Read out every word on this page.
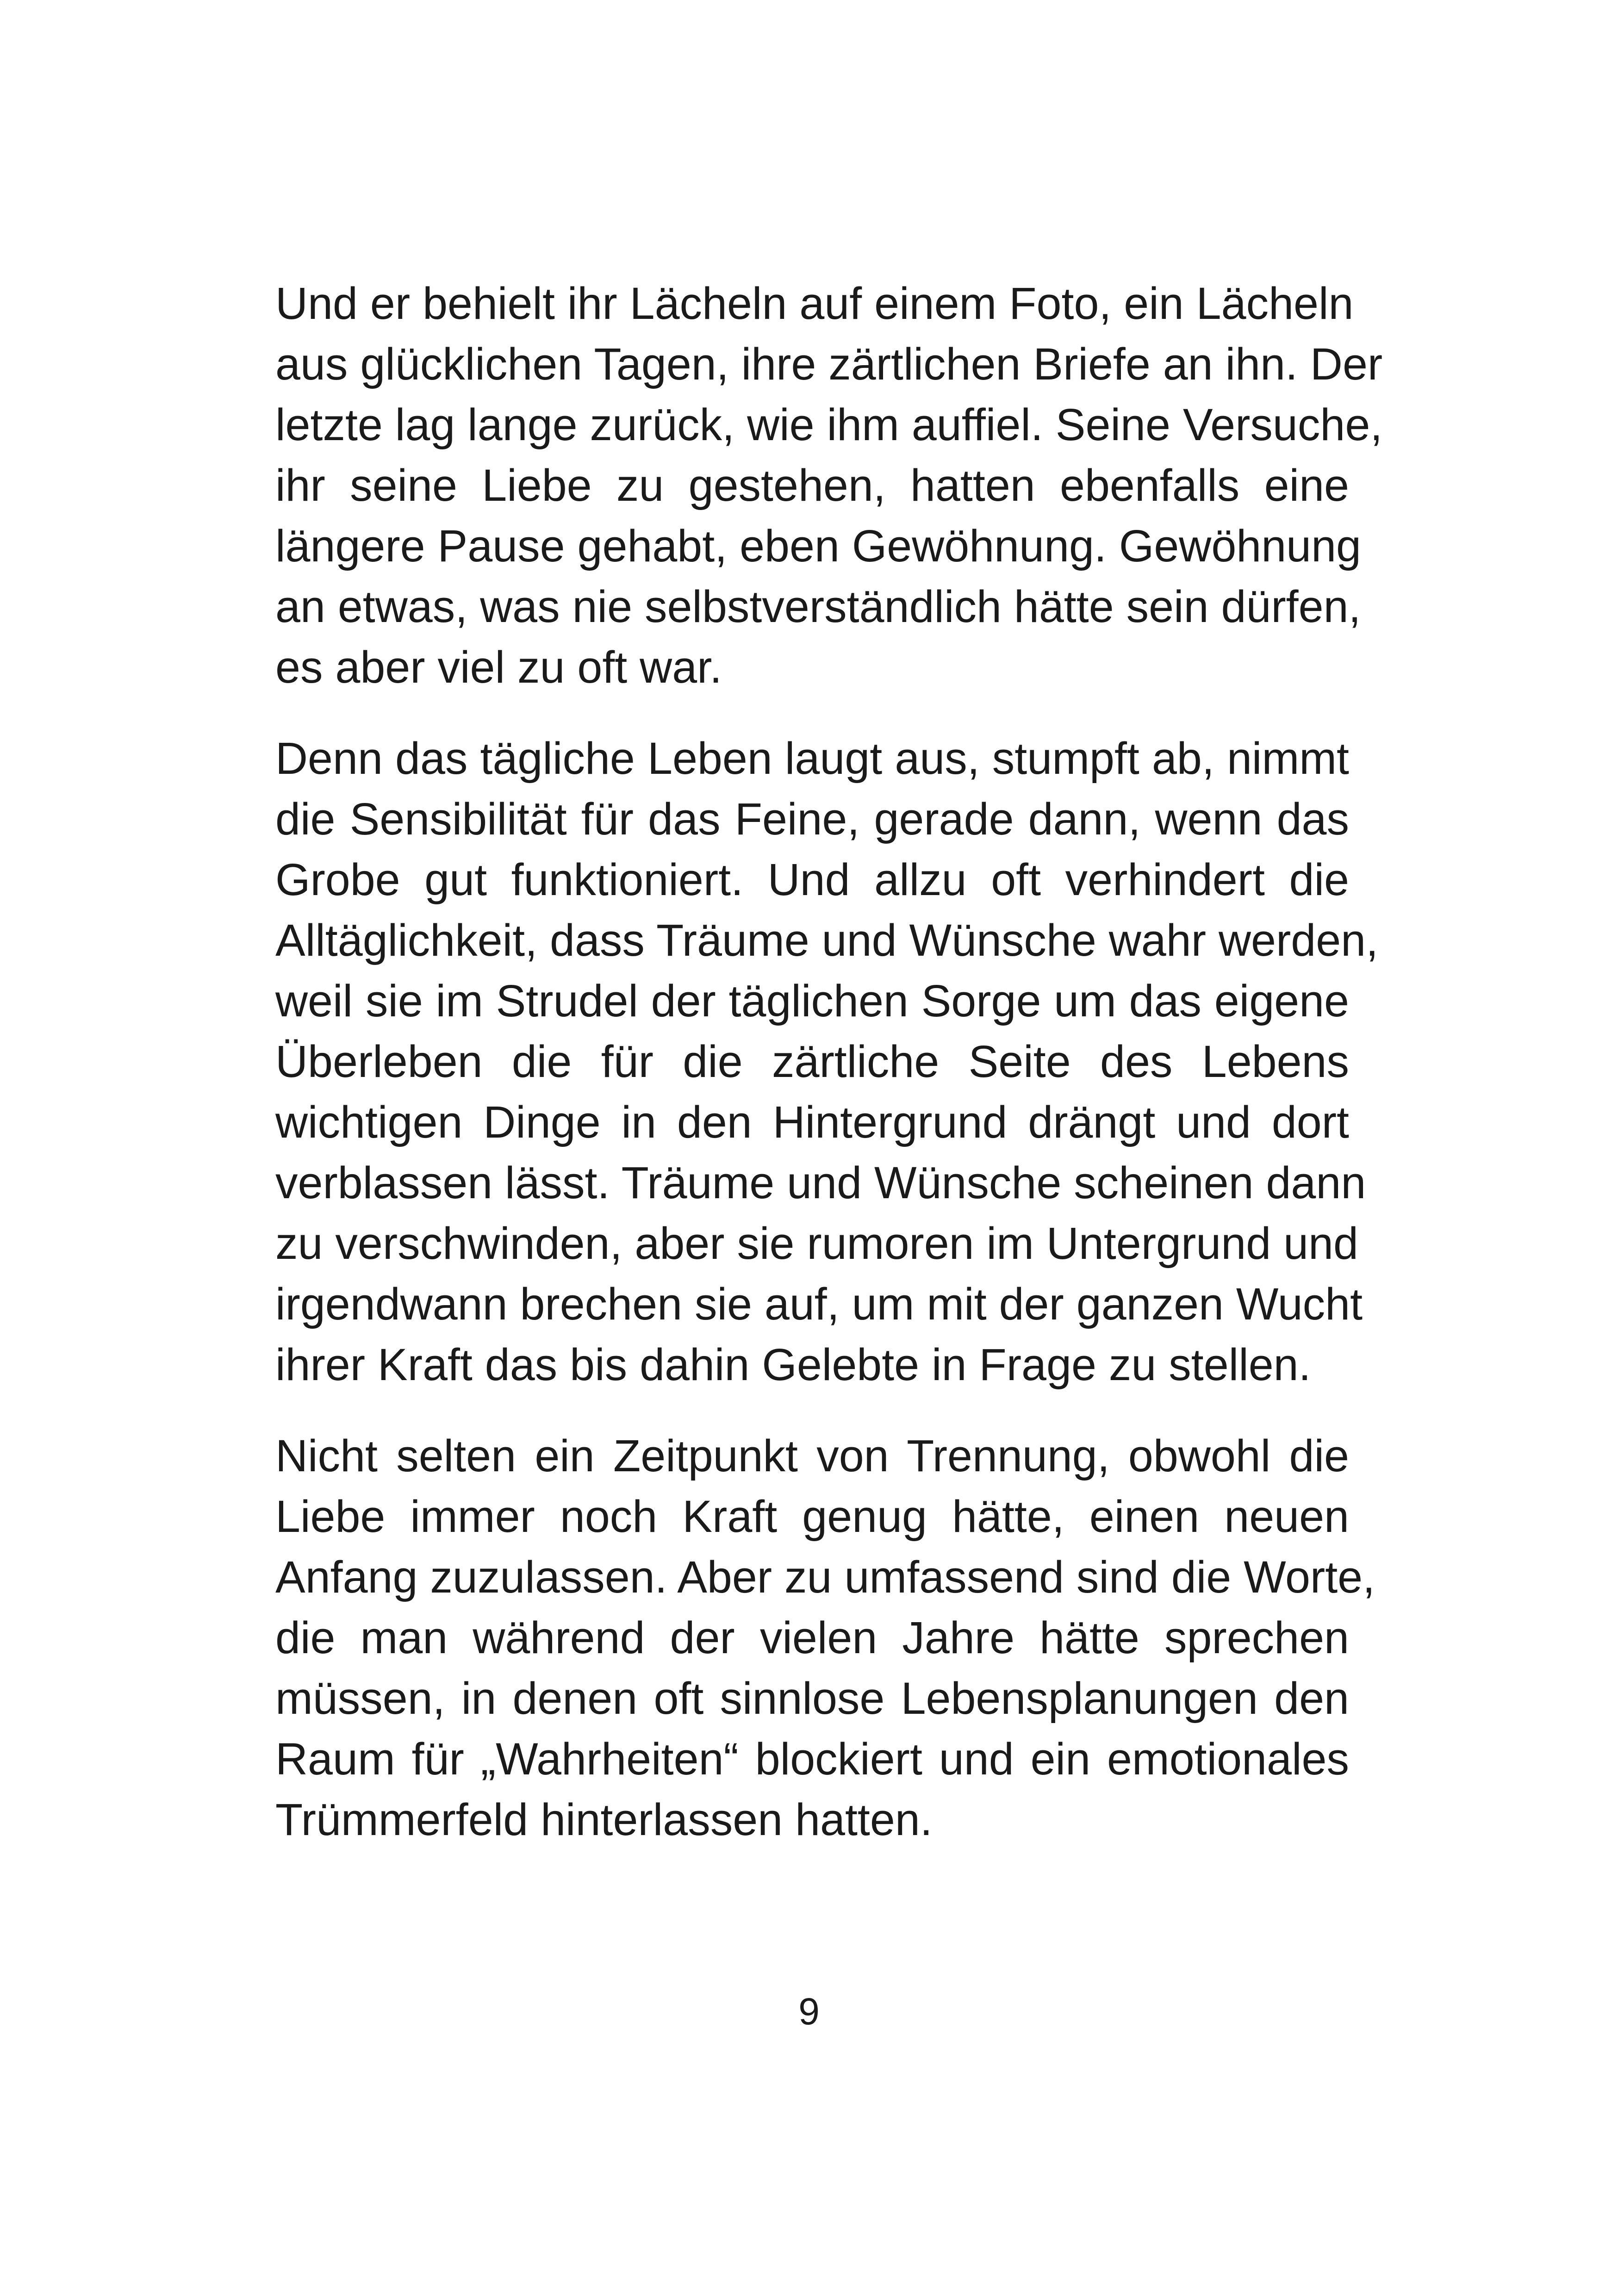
Und er behielt ihr Lächeln auf einem Foto, ein Lächeln
aus glücklichen Tagen, ihre zärtlichen Briefe an ihn. Der
letzte lag lange zurück, wie ihm auffiel. Seine Versuche,
ihr seine Liebe zu gestehen, hatten ebenfalls eine
längere Pause gehabt, eben Gewöhnung. Gewöhnung
an etwas, was nie selbstverständlich hätte sein dürfen,
es aber viel zu oft war.

Denn das tägliche Leben laugt aus, stumpft ab, nimmt
die Sensibilität für das Feine, gerade dann, wenn das
Grobe gut funktioniert. Und allzu oft verhindert die
Alltäglichkeit, dass Träume und Wünsche wahr werden,
weil sie im Strudel der täglichen Sorge um das eigene
Überleben die für die zärtliche Seite des Lebens
wichtigen Dinge in den Hintergrund drängt und dort
verblassen lässt. Träume und Wünsche scheinen dann
zu verschwinden, aber sie rumoren im Untergrund und
irgendwann brechen sie auf, um mit der ganzen Wucht
ihrer Kraft das bis dahin Gelebte in Frage zu stellen.

Nicht selten ein Zeitpunkt von Trennung, obwohl die
Liebe immer noch Kraft genug hätte, einen neuen
Anfang zuzulassen. Aber zu umfassend sind die Worte,
die man während der vielen Jahre hätte sprechen
müssen, in denen oft sinnlose Lebensplanungen den
Raum für „Wahrheiten“ blockiert und ein emotionales
Trümmerfeld hinterlassen hatten.

9
